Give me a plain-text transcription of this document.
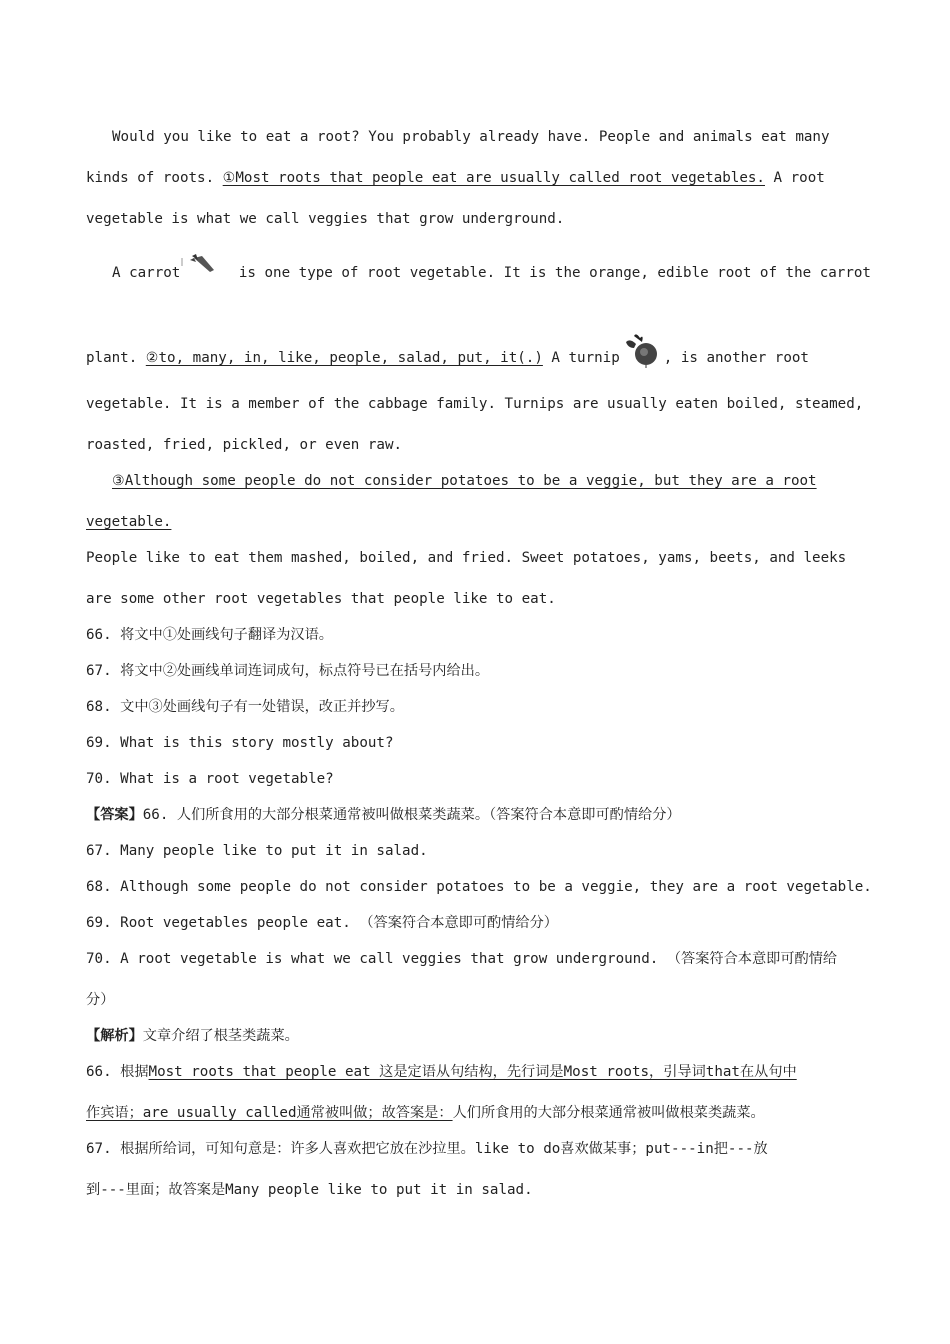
Would you like to eat a root? You probably already have. People and animals eat many
kinds of roots. ①Most roots that people eat are usually called root vegetables. A root
vegetable is what we call veggies that grow underground.
A carrot	is one type of root vegetable. It is the orange, edible root of the carrot
plant. ②to, many, in, like, people, salad, put, it(.) A turnip	, is another root
vegetable. It is a member of the cabbage family. Turnips are usually eaten boiled, steamed,
roasted, fried, pickled, or even raw.
③Although some people do not consider potatoes to be a veggie, but they are a root
vegetable.
People like to eat them mashed, boiled, and fried. Sweet potatoes, yams, beets, and leeks
are some other root vegetables that people like to eat.
66. 将文中①处画线句子翻译为汉语。
67. 将文中②处画线单词连词成句，标点符号已在括号内给出。
68. 文中③处画线句子有一处错误，改正并抄写。
69. What is this story mostly about?
70. What is a root vegetable?
【答案】66. 人们所食用的大部分根菜通常被叫做根菜类蔬菜。（答案符合本意即可酌情给分）
67. Many people like to put it in salad.
68. Although some people do not consider potatoes to be a veggie, they are a root vegetable.
69. Root vegetables people eat. （答案符合本意即可酌情给分）
70. A root vegetable is what we call veggies that grow underground. （答案符合本意即可酌情给
分）
【解析】文章介绍了根茎类蔬菜。
66. 根据Most roots that people eat 这是定语从句结构，先行词是Most roots，引导词that在从句中
作宾语；are usually called通常被叫做；故答案是：人们所食用的大部分根菜通常被叫做根菜类蔬菜。
67. 根据所给词，可知句意是：许多人喜欢把它放在沙拉里。like to do喜欢做某事；put---in把---放
到---里面；故答案是Many people like to put it in salad.
